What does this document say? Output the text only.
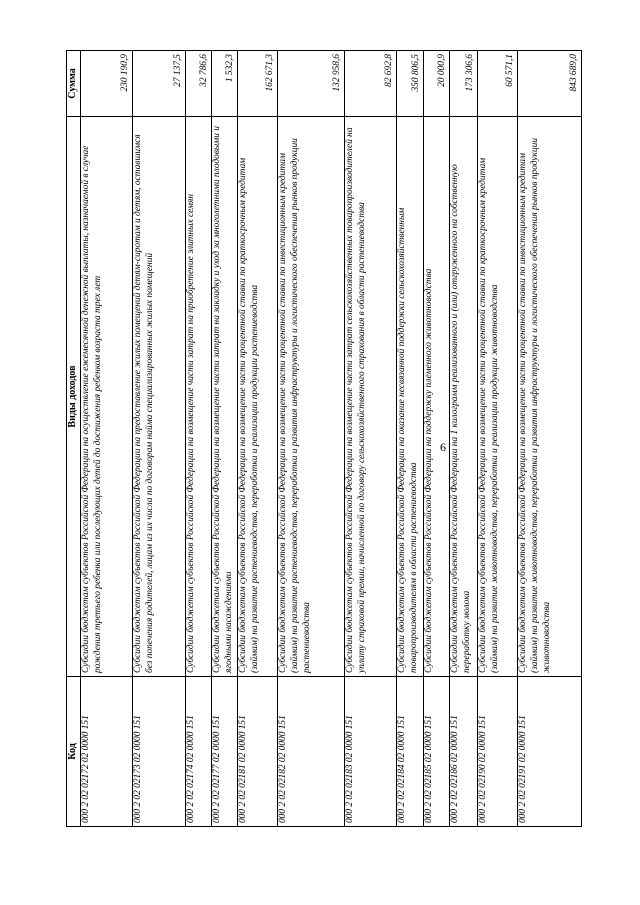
6
Код	Виды доходов	Сумма
000 2 02 02172 02 0000 151	Субсидии бюджетам субъектов Российской Федерации на осуществление ежемесячной денежной выплаты, назначаемой в случае рождения третьего ребенка или последующих детей до достижения ребенком возраста трех лет	230 190,9
000 2 02 02173 02 0000 151	Субсидии бюджетам субъектов Российской Федерации на предоставление жилых помещений детям-сиротам и детям, оставшимся без попечения родителей, лицам из их числа по договорам найма специализированных жилых помещений	27 137,5
000 2 02 02174 02 0000 151	Субсидии бюджетам субъектов Российской Федерации на возмещение части затрат на приобретение элитных семян	32 786,6
000 2 02 02177 02 0000 151	Субсидии бюджетам субъектов Российской Федерации на возмещение части затрат на закладку и уход за многолетними плодовыми и ягодными насаждениями	1 532,3
000 2 02 02181 02 0000 151	Субсидии бюджетам субъектов Российской Федерации на возмещение части процентной ставки по краткосрочным кредитам (займам) на развитие растениеводства, переработки и реализации продукции растениеводства	162 671,3
000 2 02 02182 02 0000 151	Субсидии бюджетам субъектов Российской Федерации на возмещение части процентной ставки по инвестиционным кредитам (займам) на развитие растениеводства, переработки и развития инфраструктуры и логистического обеспечения рынков продукции растениеводства	132 958,6
000 2 02 02183 02 0000 151	Субсидии бюджетам субъектов Российской Федерации на возмещение части затрат сельскохозяйственных товаропроизводителей на уплату страховой премии, начисленной по договору сельскохозяйственного страхования в области растениеводства	82 692,8
000 2 02 02184 02 0000 151	Субсидии бюджетам субъектов Российской Федерации на оказание несвязанной поддержки сельскохозяйственным товаропроизводителям в области растениеводства	350 806,5
000 2 02 02185 02 0000 151	Субсидии бюджетам субъектов Российской Федерации на поддержку племенного животноводства	20 000,9
000 2 02 02186 02 0000 151	Субсидии бюджетам субъектов Российской Федерации на 1 килограмм реализованного и (или) отгруженного на собственную переработку молока	173 306,6
000 2 02 02190 02 0000 151	Субсидии бюджетам субъектов Российской Федерации на возмещение части процентной ставки по краткосрочным кредитам (займам) на развитие животноводства, переработки и реализации продукции животноводства	60 571,1
000 2 02 02191 02 0000 151	Субсидии бюджетам субъектов Российской Федерации на возмещение части процентной ставки по инвестиционным кредитам (займам) на развитие животноводства, переработки и развития инфраструктуры и логистического обеспечения рынков продукции животноводства	843 689,0
